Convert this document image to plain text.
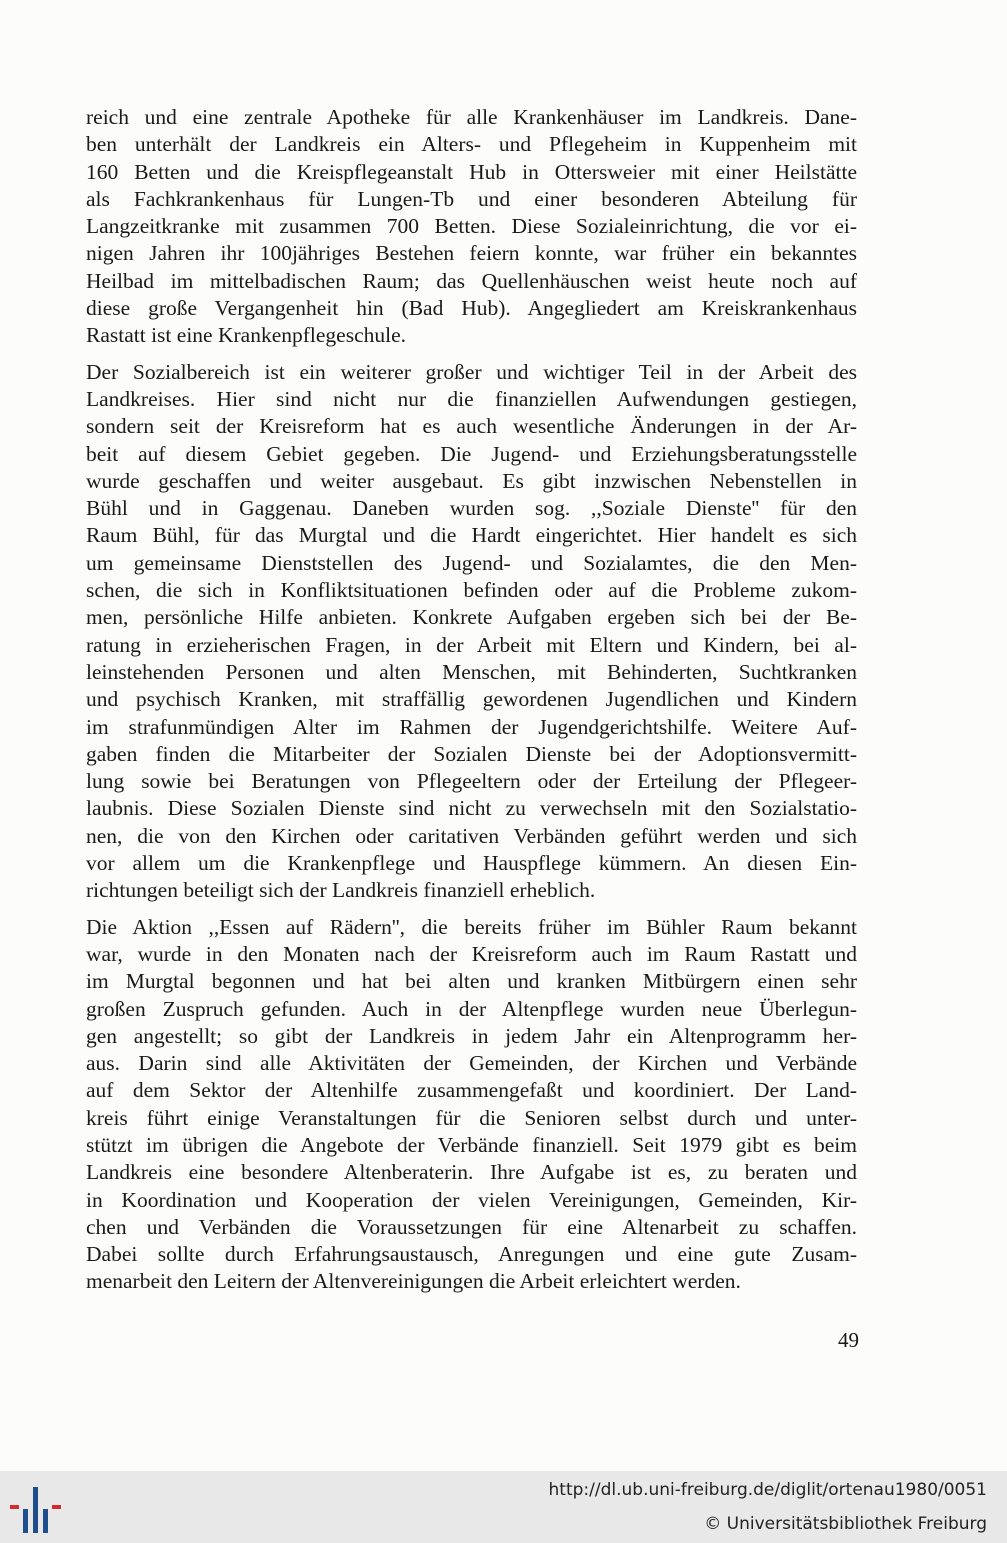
reich und eine zentrale Apotheke für alle Krankenhäuser im Landkreis. Dane-
ben unterhält der Landkreis ein Alters- und Pflegeheim in Kuppenheim mit
160 Betten und die Kreispflegeanstalt Hub in Ottersweier mit einer Heilstätte
als Fachkrankenhaus für Lungen-Tb und einer besonderen Abteilung für
Langzeitkranke mit zusammen 700 Betten. Diese Sozialeinrichtung, die vor ei-
nigen Jahren ihr 100jähriges Bestehen feiern konnte, war früher ein bekanntes
Heilbad im mittelbadischen Raum; das Quellenhäuschen weist heute noch auf
diese große Vergangenheit hin (Bad Hub). Angegliedert am Kreiskrankenhaus
Rastatt ist eine Krankenpflegeschule.
Der Sozialbereich ist ein weiterer großer und wichtiger Teil in der Arbeit des
Landkreises. Hier sind nicht nur die finanziellen Aufwendungen gestiegen,
sondern seit der Kreisreform hat es auch wesentliche Änderungen in der Ar-
beit auf diesem Gebiet gegeben. Die Jugend- und Erziehungsberatungsstelle
wurde geschaffen und weiter ausgebaut. Es gibt inzwischen Nebenstellen in
Bühl und in Gaggenau. Daneben wurden sog. ,,Soziale Dienste'' für den
Raum Bühl, für das Murgtal und die Hardt eingerichtet. Hier handelt es sich
um gemeinsame Dienststellen des Jugend- und Sozialamtes, die den Men-
schen, die sich in Konfliktsituationen befinden oder auf die Probleme zukom-
men, persönliche Hilfe anbieten. Konkrete Aufgaben ergeben sich bei der Be-
ratung in erzieherischen Fragen, in der Arbeit mit Eltern und Kindern, bei al-
leinstehenden Personen und alten Menschen, mit Behinderten, Suchtkranken
und psychisch Kranken, mit straffällig gewordenen Jugendlichen und Kindern
im strafunmündigen Alter im Rahmen der Jugendgerichtshilfe. Weitere Auf-
gaben finden die Mitarbeiter der Sozialen Dienste bei der Adoptionsvermitt-
lung sowie bei Beratungen von Pflegeeltern oder der Erteilung der Pflegeer-
laubnis. Diese Sozialen Dienste sind nicht zu verwechseln mit den Sozialstatio-
nen, die von den Kirchen oder caritativen Verbänden geführt werden und sich
vor allem um die Krankenpflege und Hauspflege kümmern. An diesen Ein-
richtungen beteiligt sich der Landkreis finanziell erheblich.
Die Aktion ,,Essen auf Rädern'', die bereits früher im Bühler Raum bekannt
war, wurde in den Monaten nach der Kreisreform auch im Raum Rastatt und
im Murgtal begonnen und hat bei alten und kranken Mitbürgern einen sehr
großen Zuspruch gefunden. Auch in der Altenpflege wurden neue Überlegun-
gen angestellt; so gibt der Landkreis in jedem Jahr ein Altenprogramm her-
aus. Darin sind alle Aktivitäten der Gemeinden, der Kirchen und Verbände
auf dem Sektor der Altenhilfe zusammengefaßt und koordiniert. Der Land-
kreis führt einige Veranstaltungen für die Senioren selbst durch und unter-
stützt im übrigen die Angebote der Verbände finanziell. Seit 1979 gibt es beim
Landkreis eine besondere Altenberaterin. Ihre Aufgabe ist es, zu beraten und
in Koordination und Kooperation der vielen Vereinigungen, Gemeinden, Kir-
chen und Verbänden die Voraussetzungen für eine Altenarbeit zu schaffen.
Dabei sollte durch Erfahrungsaustausch, Anregungen und eine gute Zusam-
menarbeit den Leitern der Altenvereinigungen die Arbeit erleichtert werden.
49
http://dl.ub.uni-freiburg.de/diglit/ortenau1980/0051
© Universitätsbibliothek Freiburg
